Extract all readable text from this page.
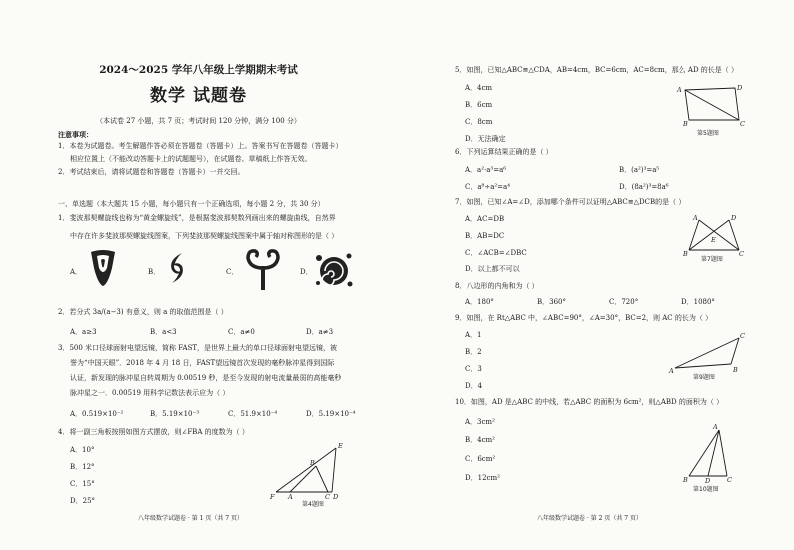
2024～2025 学年八年级上学期期末考试
数学 试题卷
（本试卷 27 小题，共 7 页；考试时间 120 分钟，满分 100 分）
注意事项：
1．本卷为试题卷。考生解题作答必须在答题卷（答题卡）上。答案书写在答题卷（答题卡）
相应位置上（不能改动答题卡上的试题题号），在试题卷、草稿纸上作答无效。
2．考试结束后，请将试题卷和答题卷（答题卡）一并交回。
一、单选题（本大题共 15 小题，每小题只有一个正确选项，每小题 2 分，共 30 分）
1．斐波那契螺旋线也称为“黄金螺旋线”，是根据斐波那契数列画出来的螺旋曲线，自然界
中存在许多斐波那契螺旋线图案，下列斐波那契螺旋线图案中属于轴对称图形的是（ ）
A．	B．	C．	D．
2．若分式 3a/(a−3) 有意义，则 a 的取值范围是（ ）
A．a≥3	B．a<3	C．a≠0	D．a≠3
3．500 米口径球面射电望远镜，简称 FAST，是世界上最大的单口径球面射电望远镜，被
誉为“中国天眼”．2018 年 4 月 18 日，FAST望远镜首次发现的毫秒脉冲星得到国际
认证，新发现的脉冲星自转周期为 0.00519 秒，是至今发现的射电流量最弱的高能毫秒
脉冲星之一．0.00519 用科学记数法表示应为（ ）
A．0.519×10⁻²	B．5.19×10⁻³	C．51.9×10⁻⁴	D．5.19×10⁻⁴
4．将一副三角板按照如图方式摆放，则∠FBA 的度数为（ ）
A．10°
B．12°
C．15°
D．25°
E
B
F A	C D
第4题图
八年级数学试题卷 · 第 1 页（共 7 页）
5．如图，已知△ABC≌△CDA，AB=4cm，BC=6cm，AC=8cm，那么 AD 的长是（ ）
A．4cm
B．6cm
C．8cm
D．无法确定
A	D
B	C
第5题图
6．下列运算结果正确的是（ ）
A．a²·a³=a⁶	B．(a²)³=a⁵
C．a⁸÷a²=a⁴	D．(8a²)³=8a⁶
7．如图，已知∠A=∠D，添加哪个条件可以证明△ABC≌△DCB的是（ ）
A．AC=DB
B．AB=DC
C．∠ACB=∠DBC
D．以上都不可以
A	D
E
B	C
第7题图
8．八边形的内角和为（ ）
A．180°	B．360°	C．720°	D．1080°
9．如图，在 Rt△ABC 中，∠ABC=90°，∠A=30°，BC=2，则 AC 的长为（ ）
A．1
B．2
C．3
D．4
C
A	B
第9题图
10．如图，AD 是△ABC 的中线，若△ABC 的面积为 6cm²，则△ABD 的面积为（ ）
A．3cm²
B．4cm²
C．6cm²
D．12cm²
A
B	D	C
第10题图
八年级数学试题卷 · 第 2 页（共 7 页）
